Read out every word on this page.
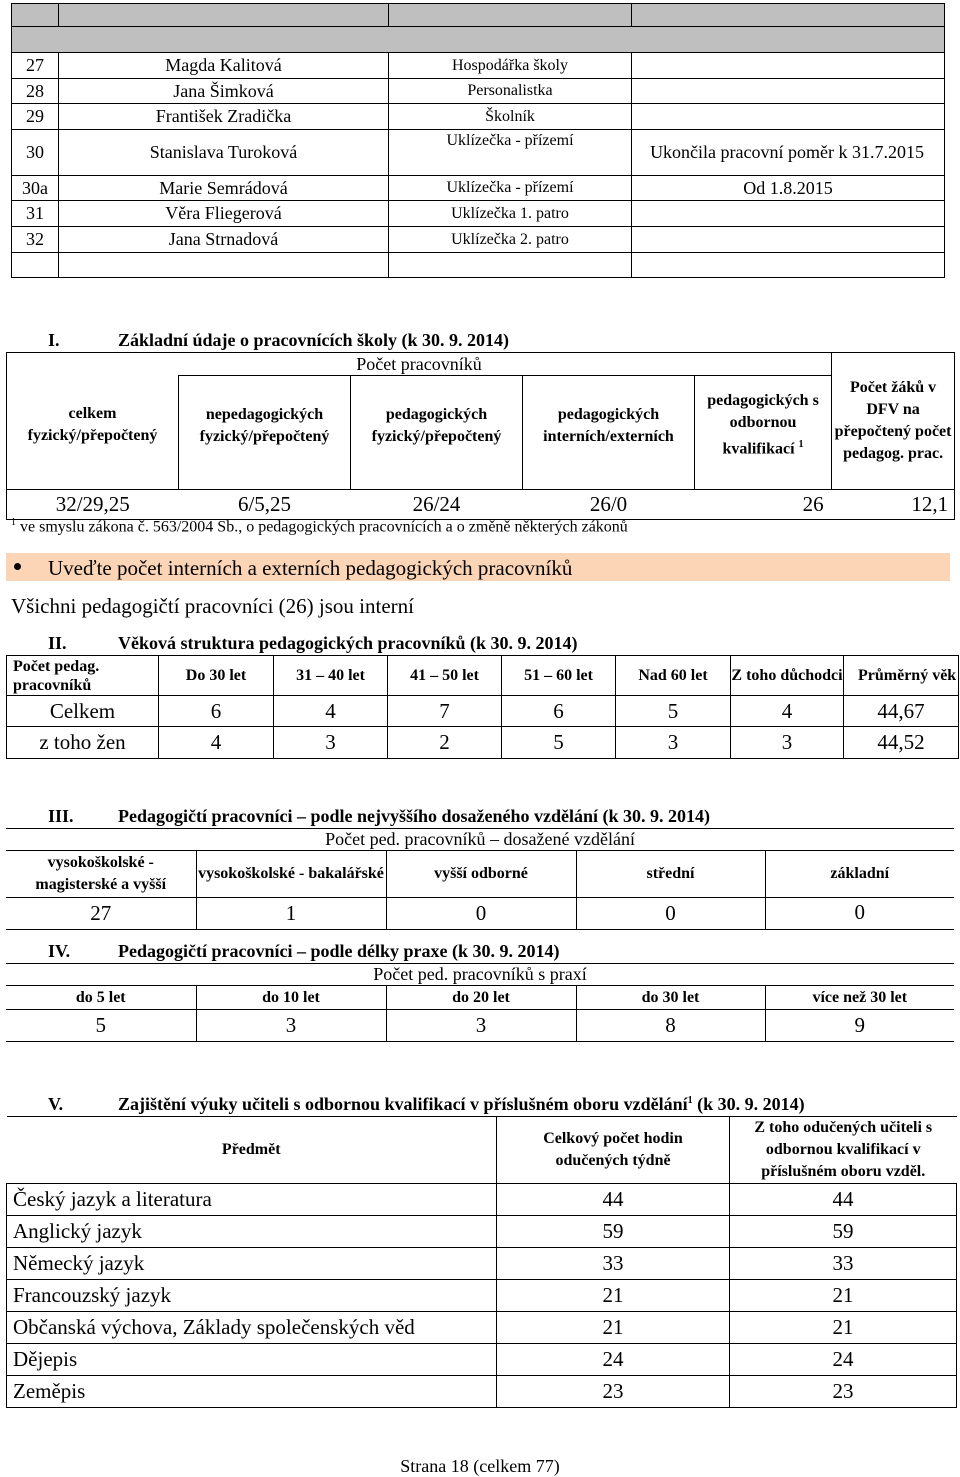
27	Magda Kalitová	Hospodářka školy	
28	Jana Šimková	Personalistka	
29	František Zradička	Školník	
30	Stanislava Turoková	Uklízečka - přízemí	Ukončila pracovní poměr k 31.7.2015
30a	Marie Semrádová	Uklízečka - přízemí	Od 1.8.2015
31	Věra Fliegerová	Uklízečka 1. patro	
32	Jana Strnadová	Uklízečka 2. patro	

I.	Základní údaje o pracovnících školy (k 30. 9. 2014)
Počet pracovníků					Počet žáků v DFV na přepočtený počet pedagog. prac.
celkem fyzický/přepočtený	nepedagogických fyzický/přepočtený	pedagogických fyzický/přepočtený	pedagogických interních/externích	pedagogických s odbornou kvalifikací $^1$
32/29,25	6/5,25	26/24	26/0	26	12,1
$^1$ ve smyslu zákona č. 563/2004 Sb., o pedagogických pracovnících a o změně některých zákonů
Uveďte počet interních a externích pedagogických pracovníků
Všichni pedagogičtí pracovníci (26) jsou interní
II.	Věková struktura pedagogických pracovníků (k 30. 9. 2014)
Počet pedag. pracovníků	Do 30 let	31 – 40 let	41 – 50 let	51 – 60 let	Nad 60 let	Z toho důchodci	Průměrný věk
Celkem	6	4	7	6	5	4	44,67
z toho žen	4	3	2	5	3	3	44,52
III. Pedagogičtí pracovníci – podle nejvyššího dosaženého vzdělání (k 30. 9. 2014)
Počet ped. pracovníků – dosažené vzdělání				
vysokoškolské - magisterské a vyšší	vysokoškolské - bakalářské	vyšší odborné	střední	základní
27	1	0	0	0
IV.	Pedagogičtí pracovníci – podle délky praxe (k 30. 9. 2014)
Počet ped. pracovníků s praxí				
do 5 let	do 10 let	do 20 let	do 30 let	více než 30 let
5	3	3	8	9
V.	Zajištění výuky učiteli s odbornou kvalifikací v příslušném oboru vzdělání$^1$ (k 30. 9. 2014)
Předmět	Celkový počet hodin odučených týdně	Z toho odučených učiteli s odbornou kvalifikací v příslušném oboru vzděl.
Český jazyk a literatura	44	44
Anglický jazyk	59	59
Německý jazyk	33	33
Francouzský jazyk	21	21
Občanská výchova, Základy společenských věd	21	21
Dějepis	24	24
Zeměpis	23	23
Strana 18 (celkem 77)
